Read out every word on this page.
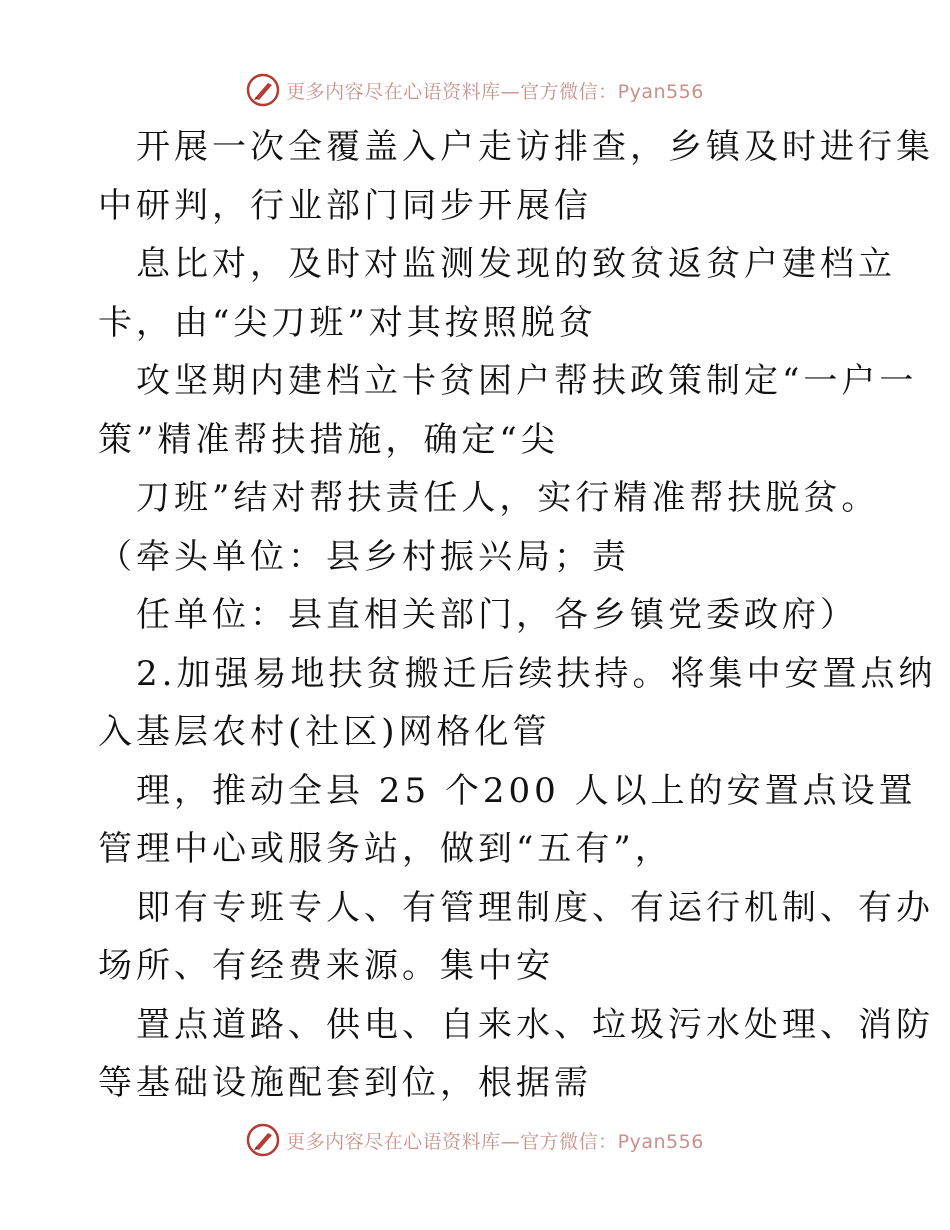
更多内容尽在心语资料库—官方微信：Pyan556
开展一次全覆盖入户走访排查，乡镇及时进行集
中研判，行业部门同步开展信
息比对，及时对监测发现的致贫返贫户建档立
卡，由“尖刀班”对其按照脱贫
攻坚期内建档立卡贫困户帮扶政策制定“一户一
策”精准帮扶措施，确定“尖
刀班”结对帮扶责任人，实行精准帮扶脱贫。
（牵头单位：县乡村振兴局；责
任单位：县直相关部门，各乡镇党委政府）
2.加强易地扶贫搬迁后续扶持。将集中安置点纳
入基层农村(社区)网格化管
理，推动全县 25 个200 人以上的安置点设置
管理中心或服务站，做到“五有”，
即有专班专人、有管理制度、有运行机制、有办
场所、有经费来源。集中安
置点道路、供电、自来水、垃圾污水处理、消防
等基础设施配套到位，根据需
更多内容尽在心语资料库—官方微信：Pyan556
